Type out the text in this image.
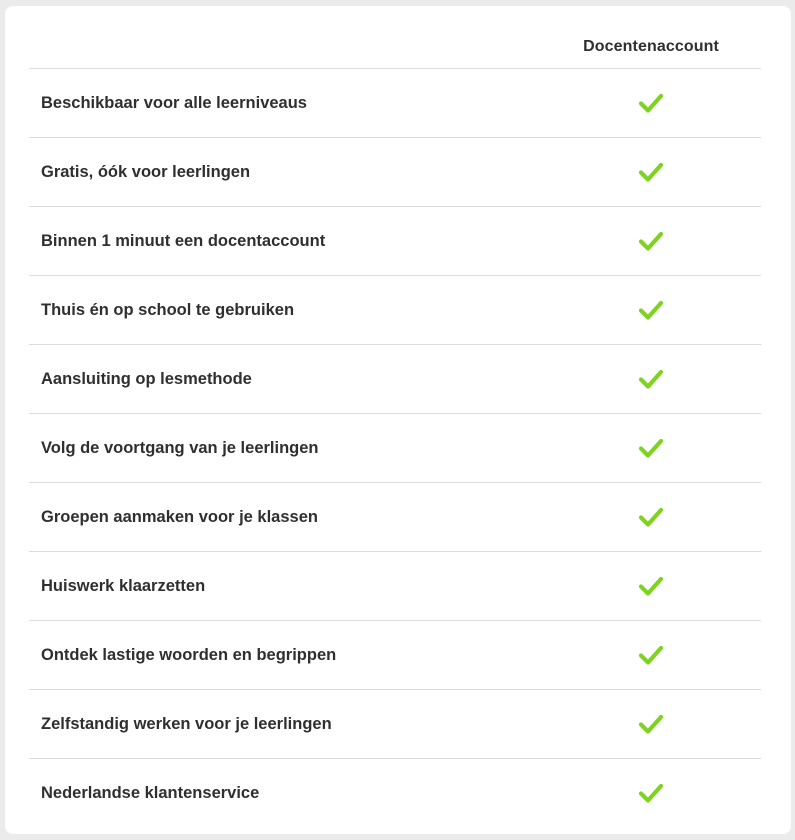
Docentenaccount
Beschikbaar voor alle leerniveaus
Gratis, óók voor leerlingen
Binnen 1 minuut een docentaccount
Thuis én op school te gebruiken
Aansluiting op lesmethode
Volg de voortgang van je leerlingen
Groepen aanmaken voor je klassen
Huiswerk klaarzetten
Ontdek lastige woorden en begrippen
Zelfstandig werken voor je leerlingen
Nederlandse klantenservice
